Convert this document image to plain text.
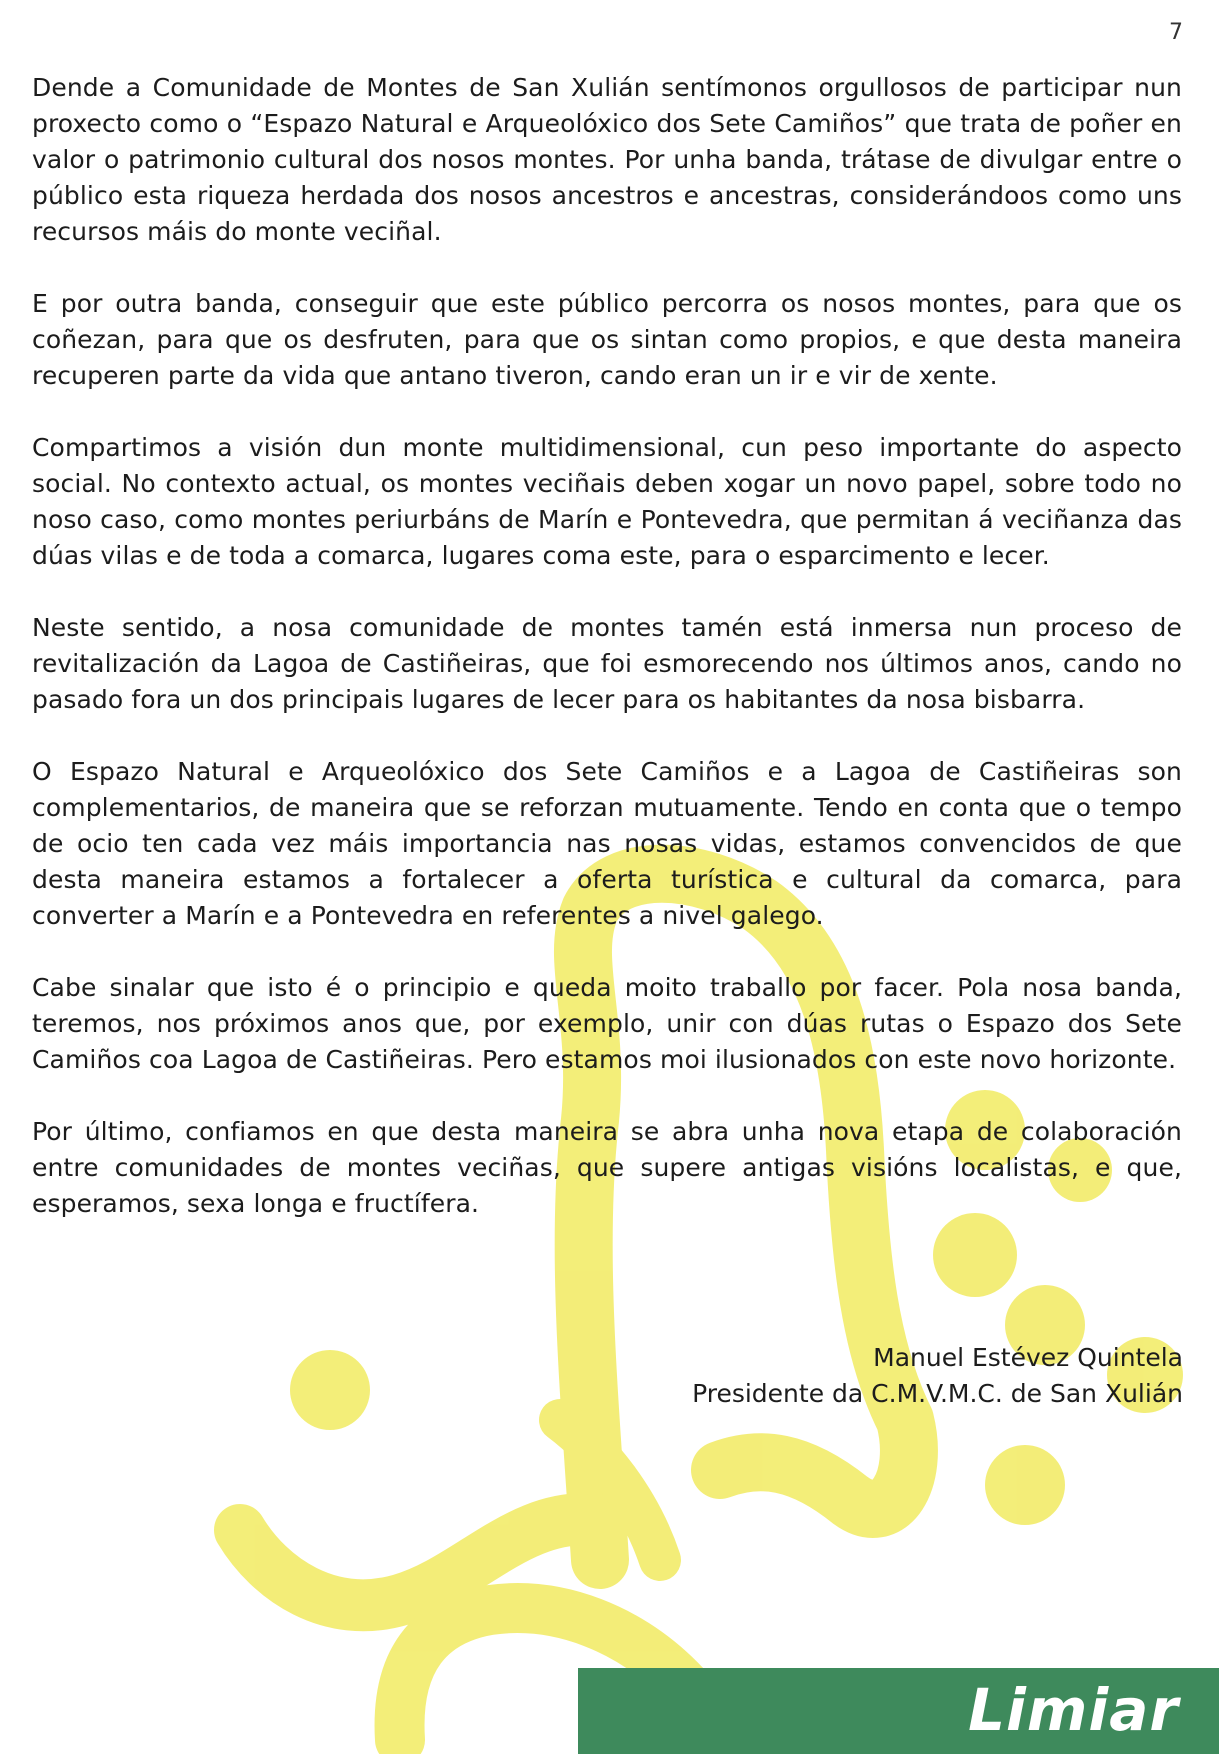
7

Dende a Comunidade de Montes de San Xulián sentímonos orgullosos de participar nun proxecto como o “Espazo Natural e Arqueolóxico dos Sete Camiños” que trata de poñer en valor o patrimonio cultural dos nosos montes. Por unha banda, trátase de divulgar entre o público esta riqueza herdada dos nosos ancestros e ancestras, considerándoos como uns recursos máis do monte veciñal.

E por outra banda, conseguir que este público percorra os nosos montes, para que os coñezan, para que os desfruten, para que os sintan como propios, e que desta maneira recuperen parte da vida que antano tiveron, cando eran un ir e vir de xente.

Compartimos a visión dun monte multidimensional, cun peso importante do aspecto social. No contexto actual, os montes veciñais deben xogar un novo papel, sobre todo no noso caso, como montes periurbáns de Marín e Pontevedra, que permitan á veciñanza das dúas vilas e de toda a comarca, lugares coma este, para o esparcimento e lecer.

Neste sentido, a nosa comunidade de montes tamén está inmersa nun proceso de revitalización da Lagoa de Castiñeiras, que foi esmorecendo nos últimos anos, cando no pasado fora un dos principais lugares de lecer para os habitantes da nosa bisbarra.

O Espazo Natural e Arqueolóxico dos Sete Camiños e a Lagoa de Castiñeiras son complementarios, de maneira que se reforzan mutuamente. Tendo en conta que o tempo de ocio ten cada vez máis importancia nas nosas vidas, estamos convencidos de que desta maneira estamos a fortalecer a oferta turística e cultural da comarca, para converter a Marín e a Pontevedra en referentes a nivel galego.

Cabe sinalar que isto é o principio e queda moito traballo por facer. Pola nosa banda, teremos, nos próximos anos que, por exemplo, unir con dúas rutas o Espazo dos Sete Camiños coa Lagoa de Castiñeiras. Pero estamos moi ilusionados con este novo horizonte.

Por último, confiamos en que desta maneira se abra unha nova etapa de colaboración entre comunidades de montes veciñas, que supere antigas visións localistas, e que, esperamos, sexa longa e fructífera.

Manuel Estévez Quintela
Presidente da C.M.V.M.C. de San Xulián
Limiar
